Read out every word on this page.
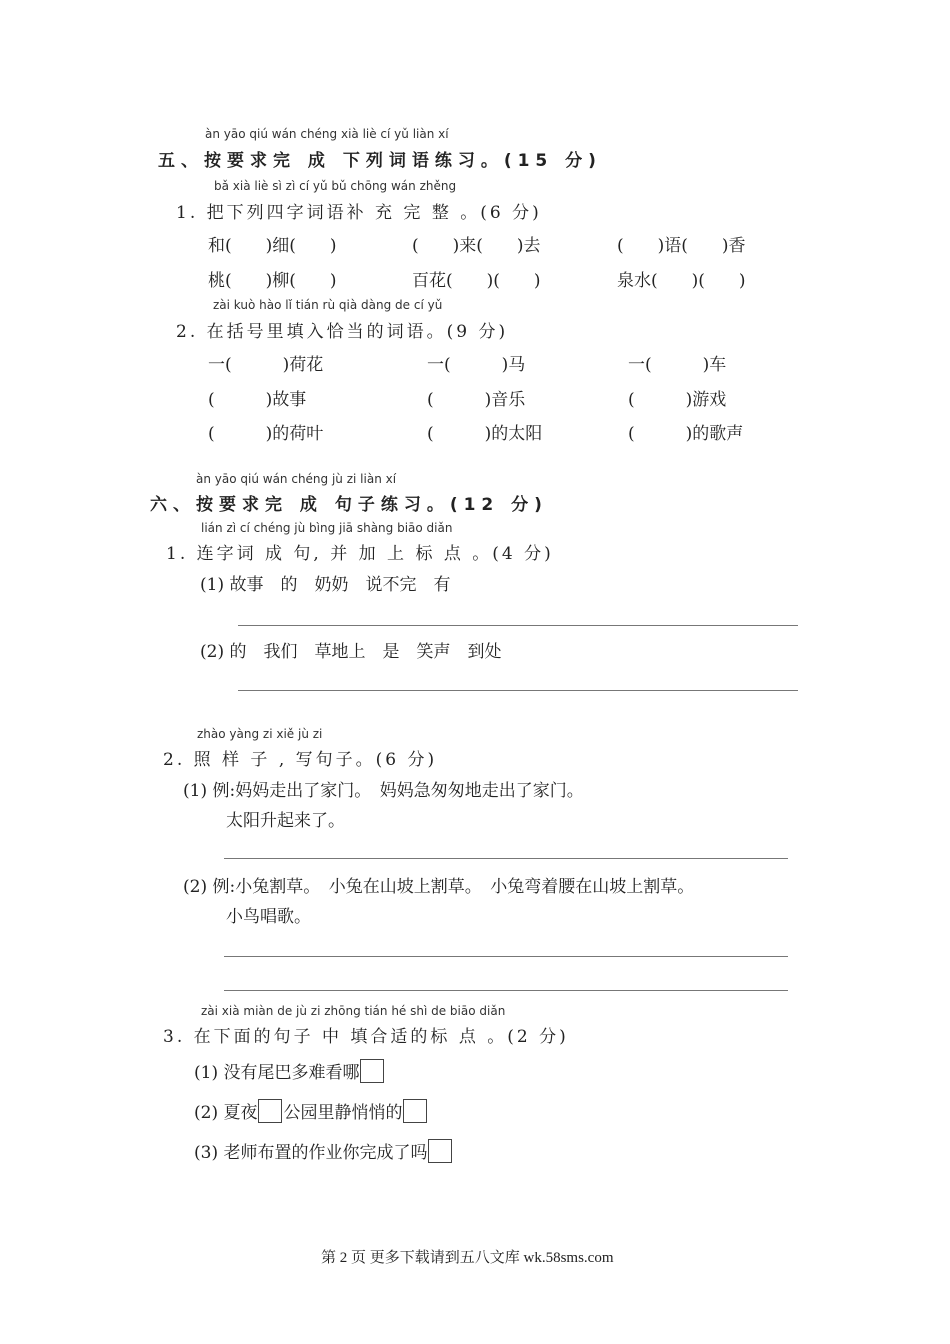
àn yāo qiú wán chéng xià liè cí yǔ liàn xí
五、按要求完 成 下列词语练习。(15 分)
bǎ xià liè sì zì cí yǔ bǔ chōng wán zhěng
1. 把下列四字词语补 充 完 整 。(6 分)
和(　　)细(　　)	(　　)来(　　)去	(　　)语(　　)香
桃(　　)柳(　　)	百花(　　)(　　)	泉水(　　)(　　)
zài kuò hào lǐ tián rù qià dàng de cí yǔ
2. 在括号里填入恰当的词语。(9 分)
一(　　　)荷花	一(　　　)马	一(　　　)车
(　　　)故事	(　　　)音乐	(　　　)游戏
(　　　)的荷叶	(　　　)的太阳	(　　　)的歌声
àn yāo qiú wán chéng jù zi liàn xí
六、按要求完 成 句子练习。(12 分)
lián zì cí chéng jù bìng jiā shàng biāo diǎn
1. 连字词 成 句, 并 加 上 标 点 。(4 分)
(1) 故事　的　奶奶　说不完　有
(2) 的　我们　草地上　是　笑声　到处
zhào yàng zi xiě jù zi
2. 照 样 子 , 写句子。(6 分)
(1) 例:妈妈走出了家门。　妈妈急匆匆地走出了家门。
太阳升起来了。
(2) 例:小兔割草。　小兔在山坡上割草。　小兔弯着腰在山坡上割草。
小鸟唱歌。
zài xià miàn de jù zi zhōng tián hé shì de biāo diǎn
3. 在下面的句子 中 填合适的标 点 。(2 分)
(1) 没有尾巴多难看哪
(2) 夏夜 公园里静悄悄的
(3) 老师布置的作业你完成了吗
第 2 页 更多下载请到五八文库 wk.58sms.com
